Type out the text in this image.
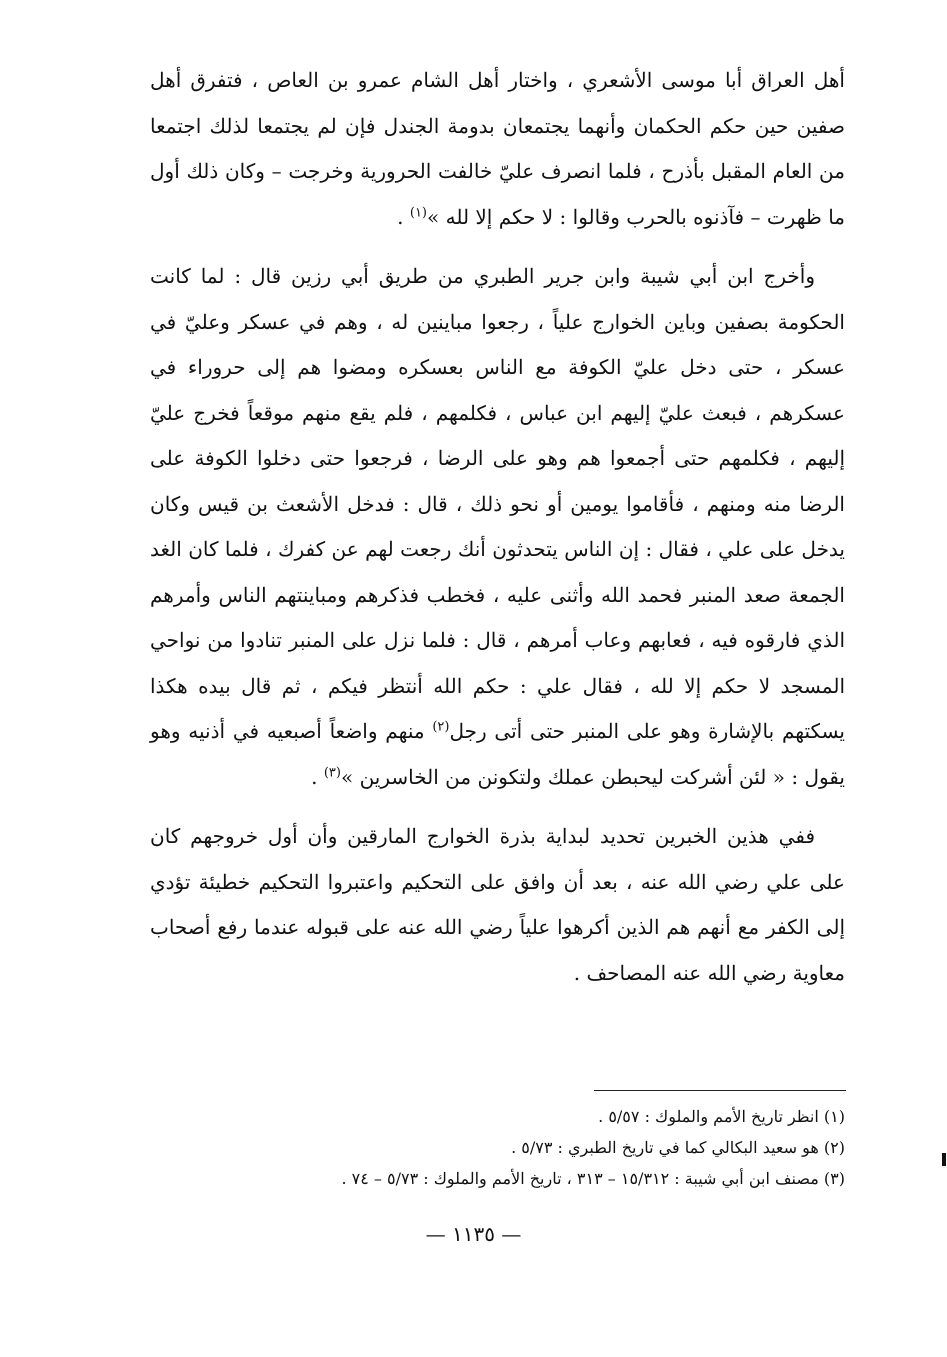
أهل العراق أبا موسى الأشعري ، واختار أهل الشام عمرو بن العاص ، فتفرق أهل صفين حين حكم الحكمان وأنهما يجتمعان بدومة الجندل فإن لم يجتمعا لذلك اجتمعا من العام المقبل بأذرح ، فلما انصرف عليّ خالفت الحرورية وخرجت – وكان ذلك أول ما ظهرت – فآذنوه بالحرب وقالوا : لا حكم إلا لله »$^{(١)}$ .

وأخرج ابن أبي شيبة وابن جرير الطبري من طريق أبي رزين قال : لما كانت الحكومة بصفين وباين الخوارج علياً ، رجعوا مباينين له ، وهم في عسكر وعليّ في عسكر ، حتى دخل عليّ الكوفة مع الناس بعسكره ومضوا هم إلى حروراء في عسكرهم ، فبعث عليّ إليهم ابن عباس ، فكلمهم ، فلم يقع منهم موقعاً فخرج عليّ إليهم ، فكلمهم حتى أجمعوا هم وهو على الرضا ، فرجعوا حتى دخلوا الكوفة على الرضا منه ومنهم ، فأقاموا يومين أو نحو ذلك ، قال : فدخل الأشعث بن قيس وكان يدخل على علي ، فقال : إن الناس يتحدثون أنك رجعت لهم عن كفرك ، فلما كان الغد الجمعة صعد المنبر فحمد الله وأثنى عليه ، فخطب فذكرهم ومباينتهم الناس وأمرهم الذي فارقوه فيه ، فعابهم وعاب أمرهم ، قال : فلما نزل على المنبر تنادوا من نواحي المسجد لا حكم إلا لله ، فقال علي : حكم الله أنتظر فيكم ، ثم قال بيده هكذا يسكتهم بالإشارة وهو على المنبر حتى أتى رجل$^{(٢)}$ منهم واضعاً أصبعيه في أذنيه وهو يقول : « لئن أشركت ليحبطن عملك ولتكونن من الخاسرين »$^{(٣)}$ .

ففي هذين الخبرين تحديد لبداية بذرة الخوارج المارقين وأن أول خروجهم كان على علي رضي الله عنه ، بعد أن وافق على التحكيم واعتبروا التحكيم خطيئة تؤدي إلى الكفر مع أنهم هم الذين أكرهوا علياً رضي الله عنه على قبوله عندما رفع أصحاب معاوية رضي الله عنه المصاحف .

(١) انظر تاريخ الأمم والملوك : ٥/٥٧ .

(٢) هو سعيد البكالي كما في تاريخ الطبري : ٥/٧٣ .

(٣) مصنف ابن أبي شيبة : ١٥/٣١٢ – ٣١٣ ، تاريخ الأمم والملوك : ٥/٧٣ – ٧٤ .

— ١١٣٥ —
